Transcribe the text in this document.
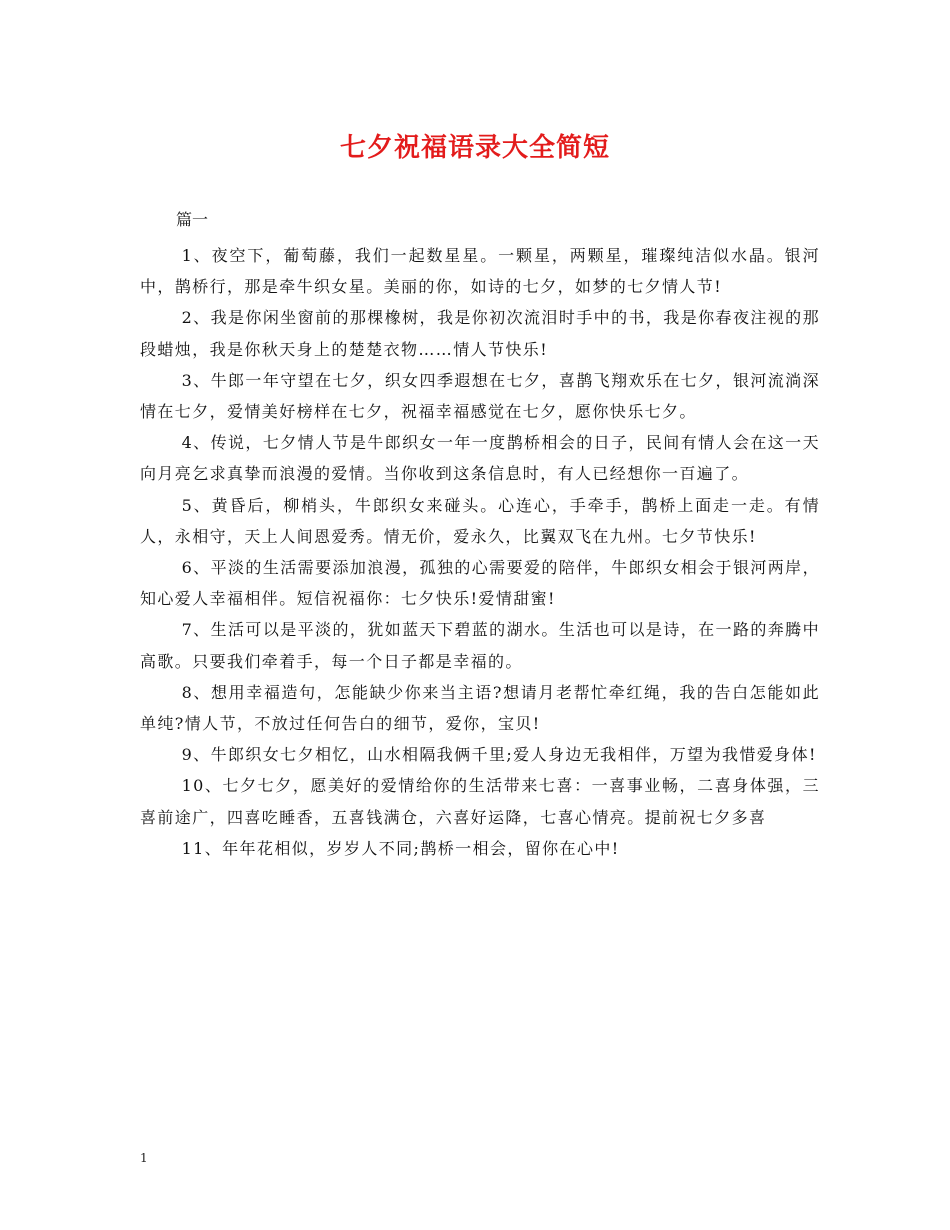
七夕祝福语录大全简短
篇一

1、夜空下，葡萄藤，我们一起数星星。一颗星，两颗星，璀璨纯洁似水晶。银河中，鹊桥行，那是牵牛织女星。美丽的你，如诗的七夕，如梦的七夕情人节!

2、我是你闲坐窗前的那棵橡树，我是你初次流泪时手中的书，我是你春夜注视的那段蜡烛，我是你秋天身上的楚楚衣物……情人节快乐!

3、牛郎一年守望在七夕，织女四季遐想在七夕，喜鹊飞翔欢乐在七夕，银河流淌深情在七夕，爱情美好榜样在七夕，祝福幸福感觉在七夕，愿你快乐七夕。

4、传说，七夕情人节是牛郎织女一年一度鹊桥相会的日子，民间有情人会在这一天向月亮乞求真挚而浪漫的爱情。当你收到这条信息时，有人已经想你一百遍了。

5、黄昏后，柳梢头，牛郎织女来碰头。心连心，手牵手，鹊桥上面走一走。有情人，永相守，天上人间恩爱秀。情无价，爱永久，比翼双飞在九州。七夕节快乐!

6、平淡的生活需要添加浪漫，孤独的心需要爱的陪伴，牛郎织女相会于银河两岸，知心爱人幸福相伴。短信祝福你：七夕快乐!爱情甜蜜!

7、生活可以是平淡的，犹如蓝天下碧蓝的湖水。生活也可以是诗，在一路的奔腾中高歌。只要我们牵着手，每一个日子都是幸福的。

8、想用幸福造句，怎能缺少你来当主语?想请月老帮忙牵红绳，我的告白怎能如此单纯?情人节，不放过任何告白的细节，爱你，宝贝!

9、牛郎织女七夕相忆，山水相隔我俩千里;爱人身边无我相伴，万望为我惜爱身体!

10、七夕七夕，愿美好的爱情给你的生活带来七喜：一喜事业畅，二喜身体强，三喜前途广，四喜吃睡香，五喜钱满仓，六喜好运降，七喜心情亮。提前祝七夕多喜

11、年年花相似，岁岁人不同;鹊桥一相会，留你在心中!

1
